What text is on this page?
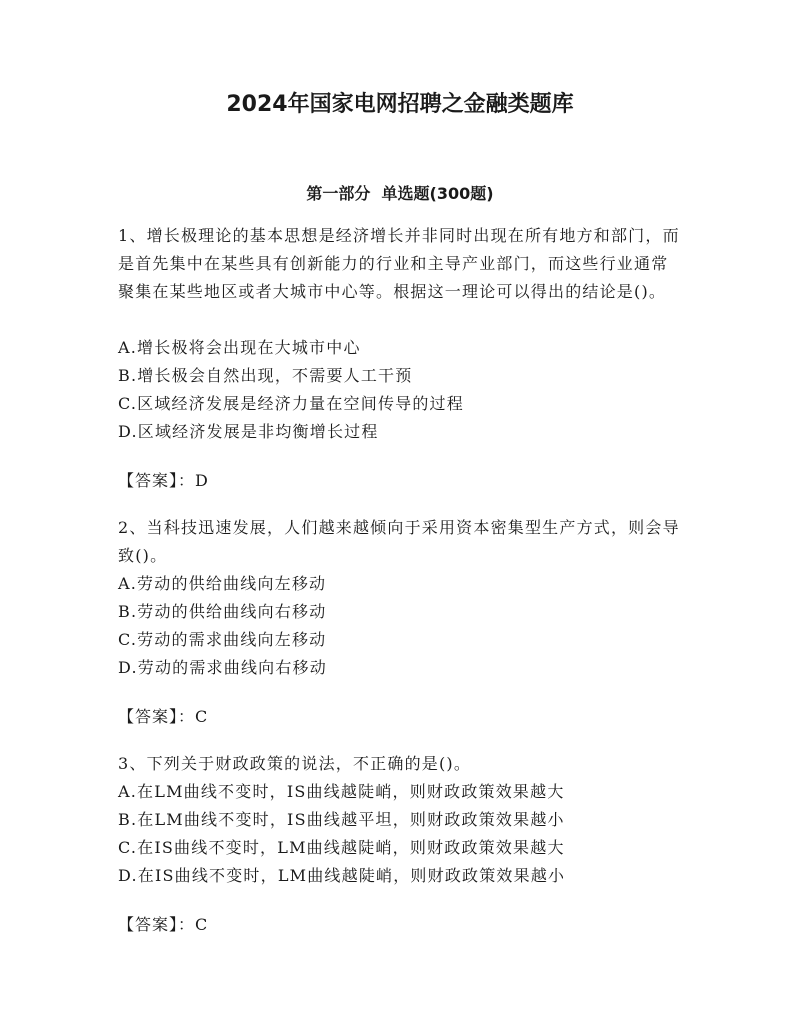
2024年国家电网招聘之金融类题库
第一部分  单选题(300题)

1、增长极理论的基本思想是经济增长并非同时出现在所有地方和部门，而是首先集中在某些具有创新能力的行业和主导产业部门，而这些行业通常聚集在某些地区或者大城市中心等。根据这一理论可以得出的结论是()。

A.增长极将会出现在大城市中心

B.增长极会自然出现，不需要人工干预

C.区域经济发展是经济力量在空间传导的过程

D.区域经济发展是非均衡增长过程

【答案】：D

2、当科技迅速发展，人们越来越倾向于采用资本密集型生产方式，则会导致()。

A.劳动的供给曲线向左移动

B.劳动的供给曲线向右移动

C.劳动的需求曲线向左移动

D.劳动的需求曲线向右移动

【答案】：C

3、下列关于财政政策的说法，不正确的是()。

A.在LM曲线不变时，IS曲线越陡峭，则财政政策效果越大

B.在LM曲线不变时，IS曲线越平坦，则财政政策效果越小

C.在IS曲线不变时，LM曲线越陡峭，则财政政策效果越大

D.在IS曲线不变时，LM曲线越陡峭，则财政政策效果越小

【答案】：C
